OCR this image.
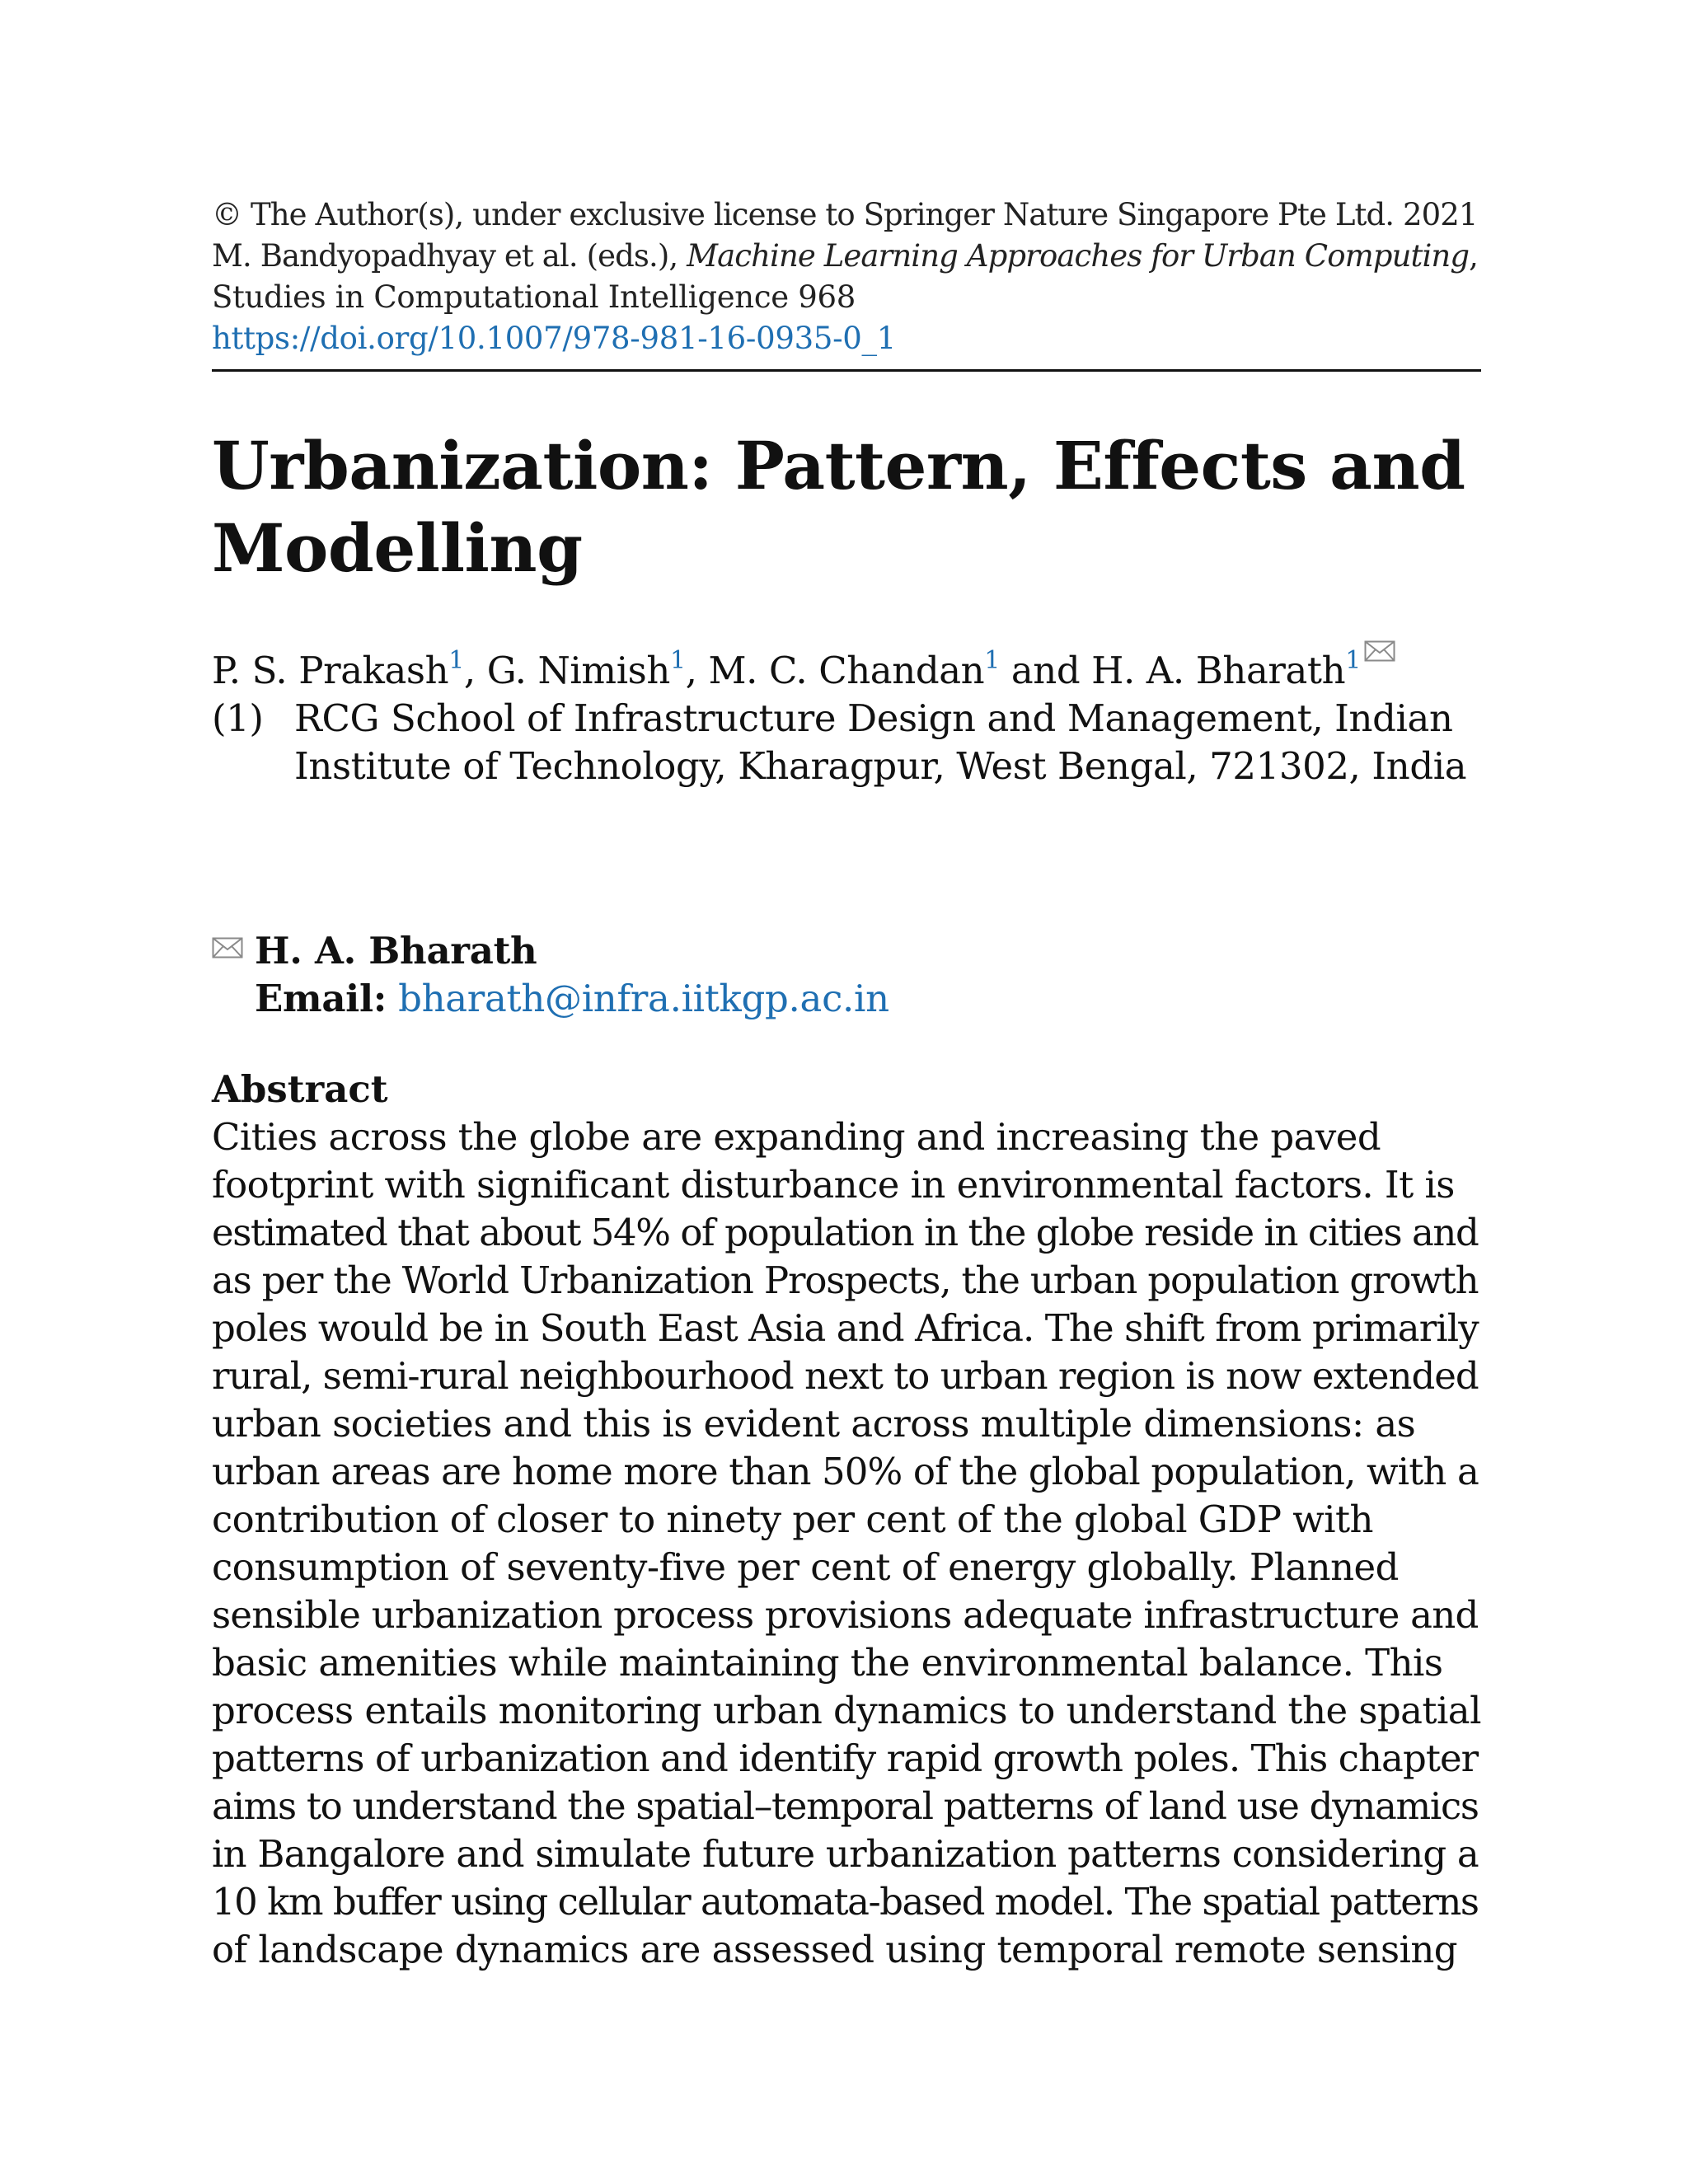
© The Author(s), under exclusive license to Springer Nature Singapore Pte Ltd. 2021
M. Bandyopadhyay et al. (eds.), Machine Learning Approaches for Urban Computing,
Studies in Computational Intelligence 968
https://doi.org/10.1007/978-981-16-0935-0_1
Urbanization: Pattern, Effects and
Modelling
P. S. Prakash$^1$, G. Nimish$^1$, M. C. Chandan$^1$ and H. A. Bharath$^1$
(1) RCG School of Infrastructure Design and Management, Indian
Institute of Technology, Kharagpur, West Bengal, 721302, India
H. A. Bharath
Email: bharath@infra.iitkgp.ac.in
Abstract
Cities across the globe are expanding and increasing the paved
footprint with significant disturbance in environmental factors. It is
estimated that about 54% of population in the globe reside in cities and
as per the World Urbanization Prospects, the urban population growth
poles would be in South East Asia and Africa. The shift from primarily
rural, semi-rural neighbourhood next to urban region is now extended
urban societies and this is evident across multiple dimensions: as
urban areas are home more than 50% of the global population, with a
contribution of closer to ninety per cent of the global GDP with
consumption of seventy-five per cent of energy globally. Planned
sensible urbanization process provisions adequate infrastructure and
basic amenities while maintaining the environmental balance. This
process entails monitoring urban dynamics to understand the spatial
patterns of urbanization and identify rapid growth poles. This chapter
aims to understand the spatial–temporal patterns of land use dynamics
in Bangalore and simulate future urbanization patterns considering a
10 km buffer using cellular automata-based model. The spatial patterns
of landscape dynamics are assessed using temporal remote sensing
